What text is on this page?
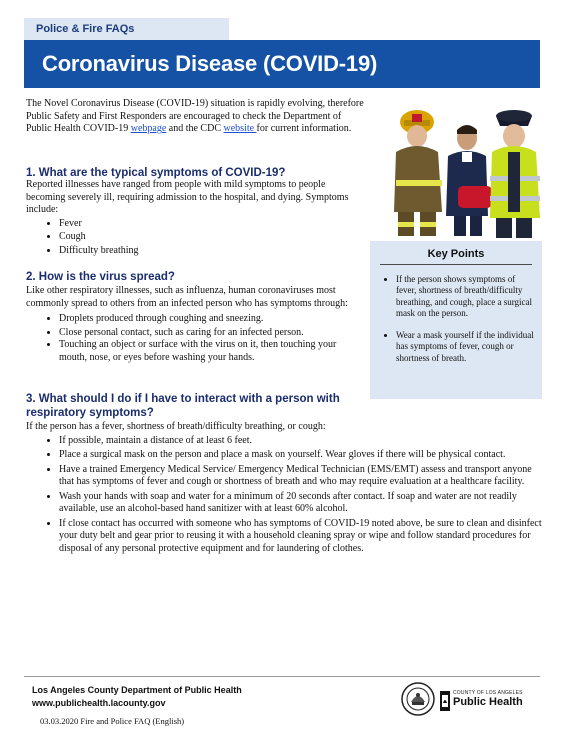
Police & Fire FAQs
Coronavirus Disease (COVID-19)
The Novel Coronavirus Disease (COVID-19) situation is rapidly evolving, therefore Public Safety and First Responders are encouraged to check the Department of Public Health COVID-19 webpage and the CDC website for current information.
1. What are the typical symptoms of COVID-19?

Reported illnesses have ranged from people with mild symptoms to people becoming severely ill, requiring admission to the hospital, and dying. Symptoms include:

• Fever
• Cough
• Difficulty breathing
2. How is the virus spread?

Like other respiratory illnesses, such as influenza, human coronaviruses most commonly spread to others from an infected person who has symptoms through:

• Droplets produced through coughing and sneezing.
• Close personal contact, such as caring for an infected person.
• Touching an object or surface with the virus on it, then touching your mouth, nose, or eyes before washing your hands.
Key Points
• If the person shows symptoms of fever, shortness of breath/difficulty breathing, and cough, place a surgical mask on the person.
• Wear a mask yourself if the individual has symptoms of fever, cough or shortness of breath.
3. What should I do if I have to interact with a person with respiratory symptoms?

If the person has a fever, shortness of breath/difficulty breathing, or cough:

• If possible, maintain a distance of at least 6 feet.
• Place a surgical mask on the person and place a mask on yourself. Wear gloves if there will be physical contact.
• Have a trained Emergency Medical Service/ Emergency Medical Technician (EMS/EMT) assess and transport anyone that has symptoms of fever and cough or shortness of breath and who may require evaluation at a healthcare facility.
• Wash your hands with soap and water for a minimum of 20 seconds after contact. If soap and water are not readily available, use an alcohol-based hand sanitizer with at least 60% alcohol.
• If close contact has occurred with someone who has symptoms of COVID-19 noted above, be sure to clean and disinfect your duty belt and gear prior to reusing it with a household cleaning spray or wipe and follow standard procedures for disposal of any personal protective equipment and for laundering of clothes.
Los Angeles County Department of Public Health
www.publichealth.lacounty.gov
03.03.2020 Fire and Police FAQ (English)
COUNTY OF LOS ANGELES
Public Health
